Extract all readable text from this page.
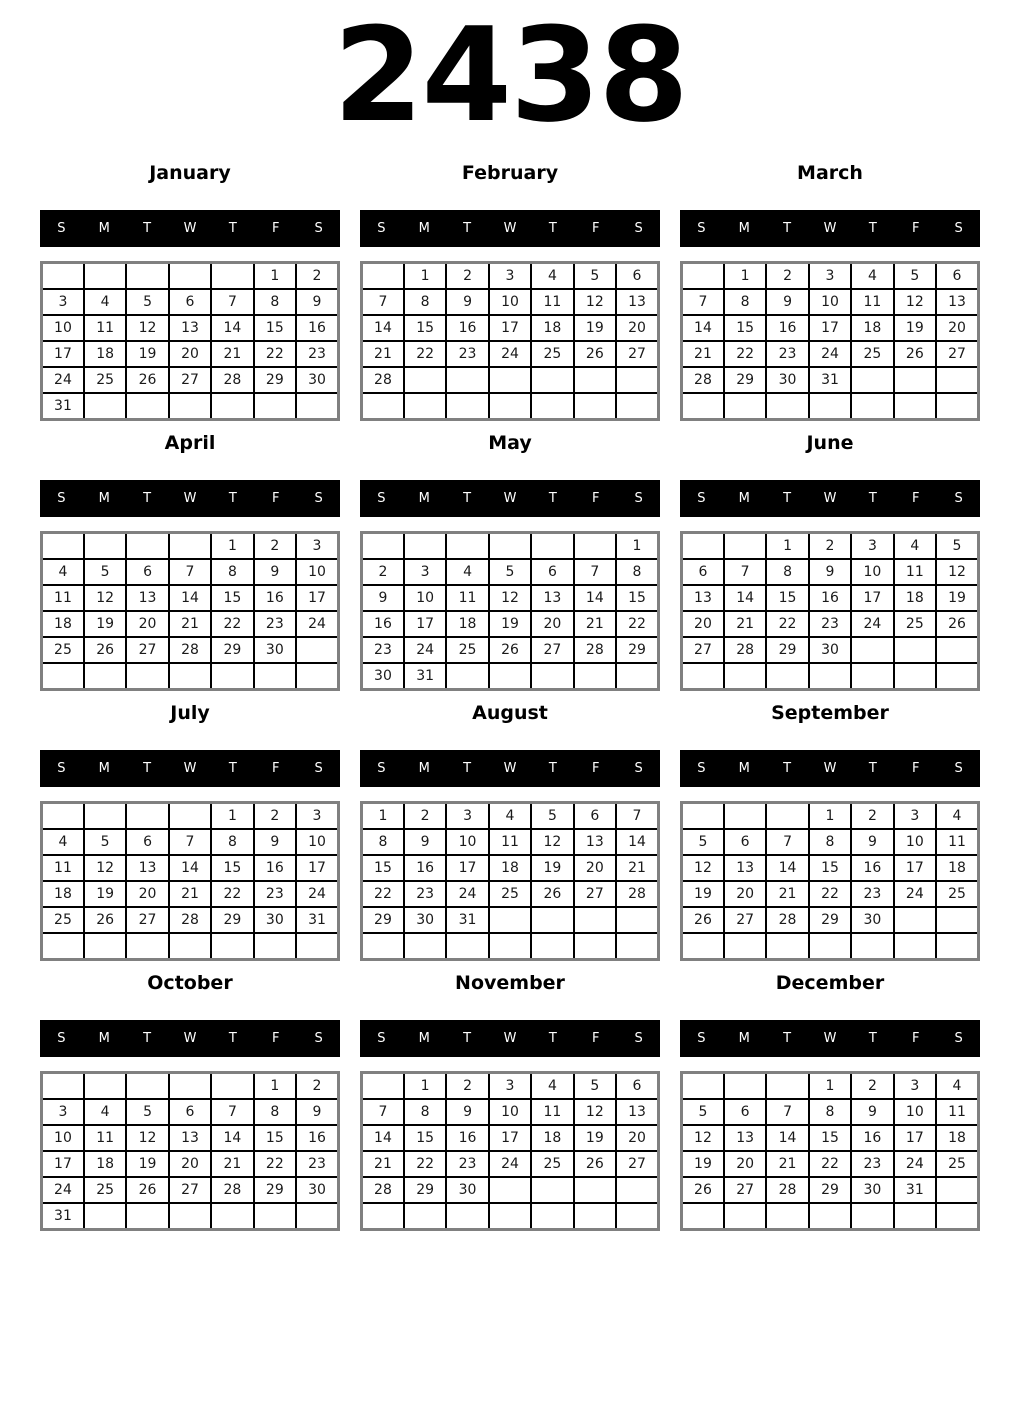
2438
January
S	M	T	W	T	F	S
					1	2
3	4	5	6	7	8	9
10	11	12	13	14	15	16
17	18	19	20	21	22	23
24	25	26	27	28	29	30
31						
February
S	M	T	W	T	F	S
	1	2	3	4	5	6
7	8	9	10	11	12	13
14	15	16	17	18	19	20
21	22	23	24	25	26	27
28						

March
S	M	T	W	T	F	S
	1	2	3	4	5	6
7	8	9	10	11	12	13
14	15	16	17	18	19	20
21	22	23	24	25	26	27
28	29	30	31			

April
S	M	T	W	T	F	S
				1	2	3
4	5	6	7	8	9	10
11	12	13	14	15	16	17
18	19	20	21	22	23	24
25	26	27	28	29	30	

May
S	M	T	W	T	F	S
						1
2	3	4	5	6	7	8
9	10	11	12	13	14	15
16	17	18	19	20	21	22
23	24	25	26	27	28	29
30	31					
June
S	M	T	W	T	F	S
		1	2	3	4	5
6	7	8	9	10	11	12
13	14	15	16	17	18	19
20	21	22	23	24	25	26
27	28	29	30			

July
S	M	T	W	T	F	S
				1	2	3
4	5	6	7	8	9	10
11	12	13	14	15	16	17
18	19	20	21	22	23	24
25	26	27	28	29	30	31

August
S	M	T	W	T	F	S
1	2	3	4	5	6	7
8	9	10	11	12	13	14
15	16	17	18	19	20	21
22	23	24	25	26	27	28
29	30	31				

September
S	M	T	W	T	F	S
			1	2	3	4
5	6	7	8	9	10	11
12	13	14	15	16	17	18
19	20	21	22	23	24	25
26	27	28	29	30		

October
S	M	T	W	T	F	S
					1	2
3	4	5	6	7	8	9
10	11	12	13	14	15	16
17	18	19	20	21	22	23
24	25	26	27	28	29	30
31						
November
S	M	T	W	T	F	S
	1	2	3	4	5	6
7	8	9	10	11	12	13
14	15	16	17	18	19	20
21	22	23	24	25	26	27
28	29	30				

December
S	M	T	W	T	F	S
			1	2	3	4
5	6	7	8	9	10	11
12	13	14	15	16	17	18
19	20	21	22	23	24	25
26	27	28	29	30	31	
